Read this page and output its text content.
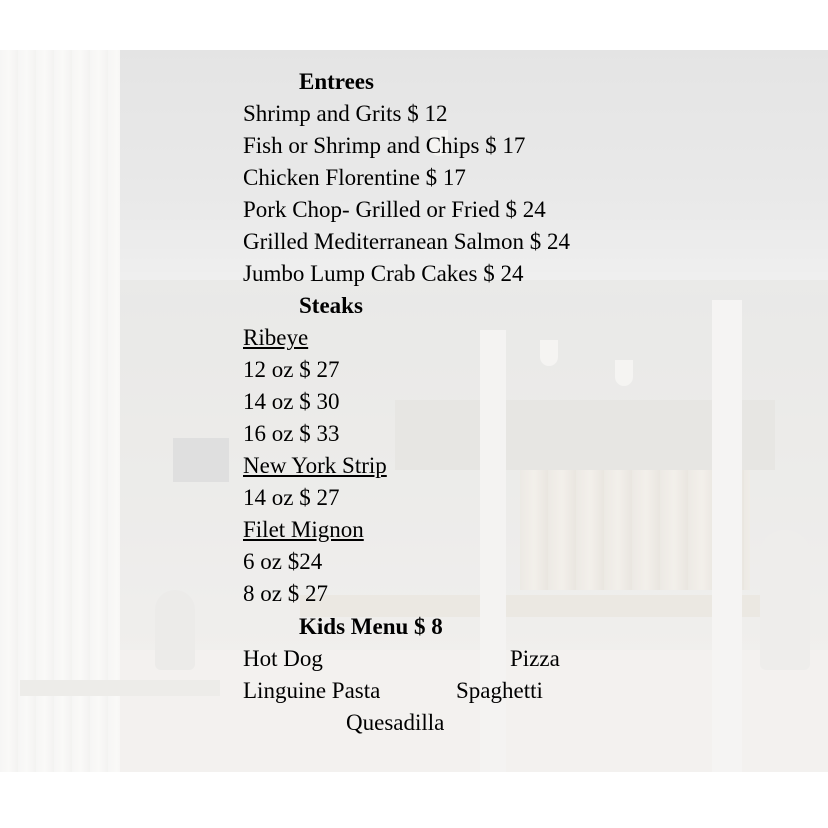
Entrees
Shrimp and Grits $ 12
Fish or Shrimp and Chips $ 17
Chicken Florentine $ 17
Pork Chop- Grilled or Fried $ 24
Grilled Mediterranean Salmon $ 24
Jumbo Lump Crab Cakes $ 24
Steaks
Ribeye
12 oz $ 27
14 oz $ 30
16 oz $ 33
New York Strip
14 oz $ 27
Filet Mignon
6 oz $24
8 oz $ 27
Kids Menu $ 8
Hot Dog	Pizza
Linguine Pasta	Spaghetti
Quesadilla
